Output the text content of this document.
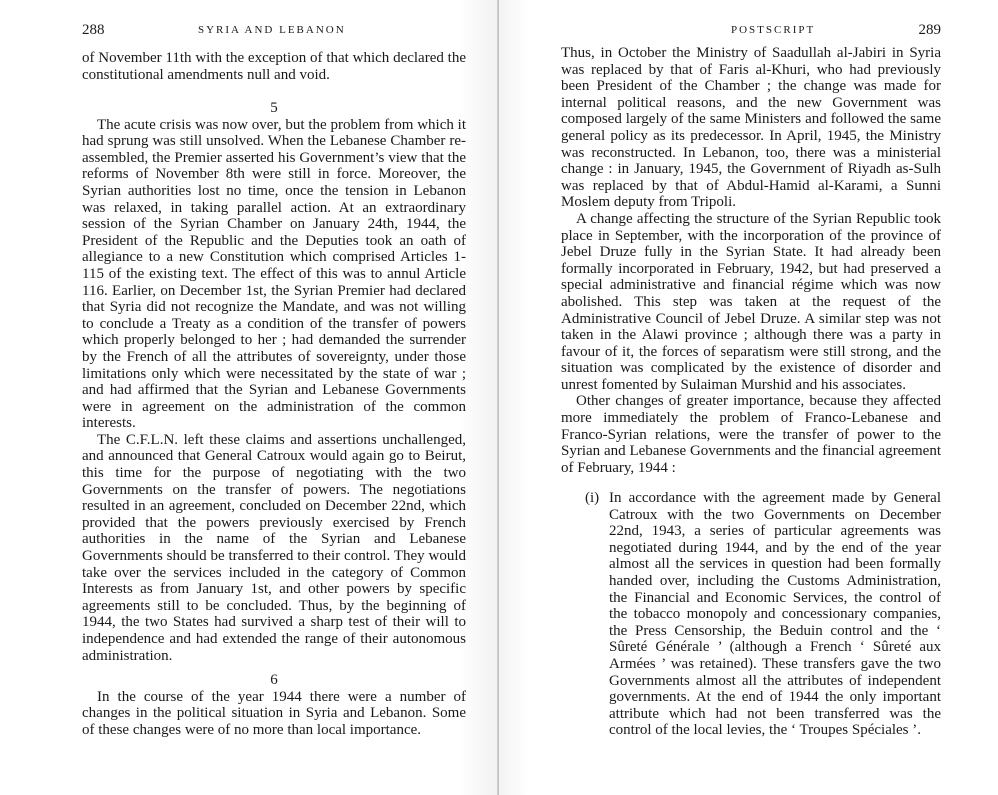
288	SYRIA AND LEBANON

of November 11th with the exception of that which declared the constitutional amendments null and void.

5

The acute crisis was now over, but the problem from which it had sprung was still unsolved. When the Lebanese Chamber re-assembled, the Premier asserted his Government’s view that the reforms of November 8th were still in force. Moreover, the Syrian authorities lost no time, once the tension in Lebanon was relaxed, in taking parallel action. At an extraordinary session of the Syrian Chamber on January 24th, 1944, the President of the Republic and the Deputies took an oath of allegiance to a new Constitution which comprised Articles 1-115 of the existing text. The effect of this was to annul Article 116. Earlier, on December 1st, the Syrian Premier had declared that Syria did not recognize the Mandate, and was not willing to conclude a Treaty as a condition of the transfer of powers which properly belonged to her ; had demanded the surrender by the French of all the attributes of sovereignty, under those limitations only which were necessitated by the state of war ; and had affirmed that the Syrian and Lebanese Governments were in agreement on the administration of the common interests.

The C.F.L.N. left these claims and assertions unchallenged, and announced that General Catroux would again go to Beirut, this time for the purpose of negotiating with the two Governments on the transfer of powers. The negotiations resulted in an agreement, concluded on December 22nd, which provided that the powers previously exercised by French authorities in the name of the Syrian and Lebanese Governments should be transferred to their control. They would take over the services included in the category of Common Interests as from January 1st, and other powers by specific agreements still to be concluded. Thus, by the beginning of 1944, the two States had survived a sharp test of their will to independence and had extended the range of their autonomous administration.

6

In the course of the year 1944 there were a number of changes in the political situation in Syria and Lebanon. Some of these changes were of no more than local importance.

POSTSCRIPT	289

Thus, in October the Ministry of Saadullah al-Jabiri in Syria was replaced by that of Faris al-Khuri, who had previously been President of the Chamber ; the change was made for internal political reasons, and the new Government was composed largely of the same Ministers and followed the same general policy as its predecessor. In April, 1945, the Ministry was reconstructed. In Lebanon, too, there was a ministerial change : in January, 1945, the Government of Riyadh as-Sulh was replaced by that of Abdul-Hamid al-Karami, a Sunni Moslem deputy from Tripoli.

A change affecting the structure of the Syrian Republic took place in September, with the incorporation of the province of Jebel Druze fully in the Syrian State. It had already been formally incorporated in February, 1942, but had preserved a special administrative and financial régime which was now abolished. This step was taken at the request of the Administrative Council of Jebel Druze. A similar step was not taken in the Alawi province ; although there was a party in favour of it, the forces of separatism were still strong, and the situation was complicated by the existence of disorder and unrest fomented by Sulaiman Murshid and his associates.

Other changes of greater importance, because they affected more immediately the problem of Franco-Lebanese and Franco-Syrian relations, were the transfer of power to the Syrian and Lebanese Governments and the financial agreement of February, 1944 :

(i) In accordance with the agreement made by General Catroux with the two Governments on December 22nd, 1943, a series of particular agreements was negotiated during 1944, and by the end of the year almost all the services in question had been formally handed over, including the Customs Administration, the Financial and Economic Services, the control of the tobacco monopoly and concessionary companies, the Press Censorship, the Beduin control and the ‘ Sûreté Générale ’ (although a French ‘ Sûreté aux Armées ’ was retained). These transfers gave the two Governments almost all the attributes of independent governments. At the end of 1944 the only important attribute which had not been transferred was the control of the local levies, the ‘ Troupes Spéciales ’.
